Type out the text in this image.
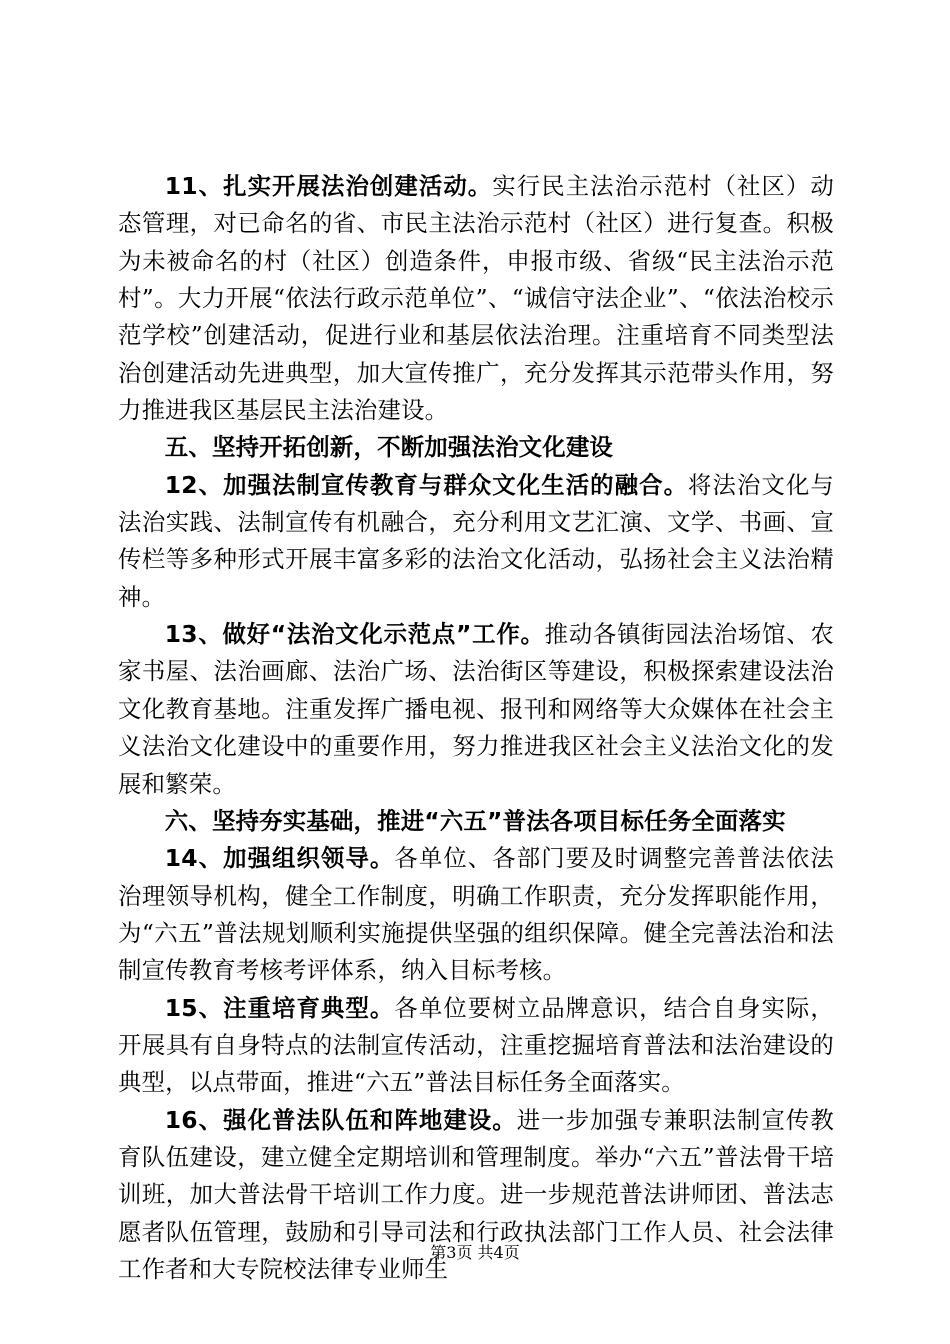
11、扎实开展法治创建活动。实行民主法治示范村（社区）动态管理，对已命名的省、市民主法治示范村（社区）进行复查。积极为未被命名的村（社区）创造条件，申报市级、省级“民主法治示范村”。大力开展“依法行政示范单位”、“诚信守法企业”、“依法治校示范学校”创建活动，促进行业和基层依法治理。注重培育不同类型法治创建活动先进典型，加大宣传推广，充分发挥其示范带头作用，努力推进我区基层民主法治建设。

五、坚持开拓创新，不断加强法治文化建设

12、加强法制宣传教育与群众文化生活的融合。将法治文化与法治实践、法制宣传有机融合，充分利用文艺汇演、文学、书画、宣传栏等多种形式开展丰富多彩的法治文化活动，弘扬社会主义法治精神。

13、做好“法治文化示范点”工作。推动各镇街园法治场馆、农家书屋、法治画廊、法治广场、法治街区等建设，积极探索建设法治文化教育基地。注重发挥广播电视、报刊和网络等大众媒体在社会主义法治文化建设中的重要作用，努力推进我区社会主义法治文化的发展和繁荣。

六、坚持夯实基础，推进“六五”普法各项目标任务全面落实

14、加强组织领导。各单位、各部门要及时调整完善普法依法治理领导机构，健全工作制度，明确工作职责，充分发挥职能作用，为“六五”普法规划顺利实施提供坚强的组织保障。健全完善法治和法制宣传教育考核考评体系，纳入目标考核。

15、注重培育典型。各单位要树立品牌意识，结合自身实际，开展具有自身特点的法制宣传活动，注重挖掘培育普法和法治建设的典型，以点带面，推进“六五”普法目标任务全面落实。

16、强化普法队伍和阵地建设。进一步加强专兼职法制宣传教育队伍建设，建立健全定期培训和管理制度。举办“六五”普法骨干培训班，加大普法骨干培训工作力度。进一步规范普法讲师团、普法志愿者队伍管理，鼓励和引导司法和行政执法部门工作人员、社会法律工作者和大专院校法律专业师生

第3页 共4页
